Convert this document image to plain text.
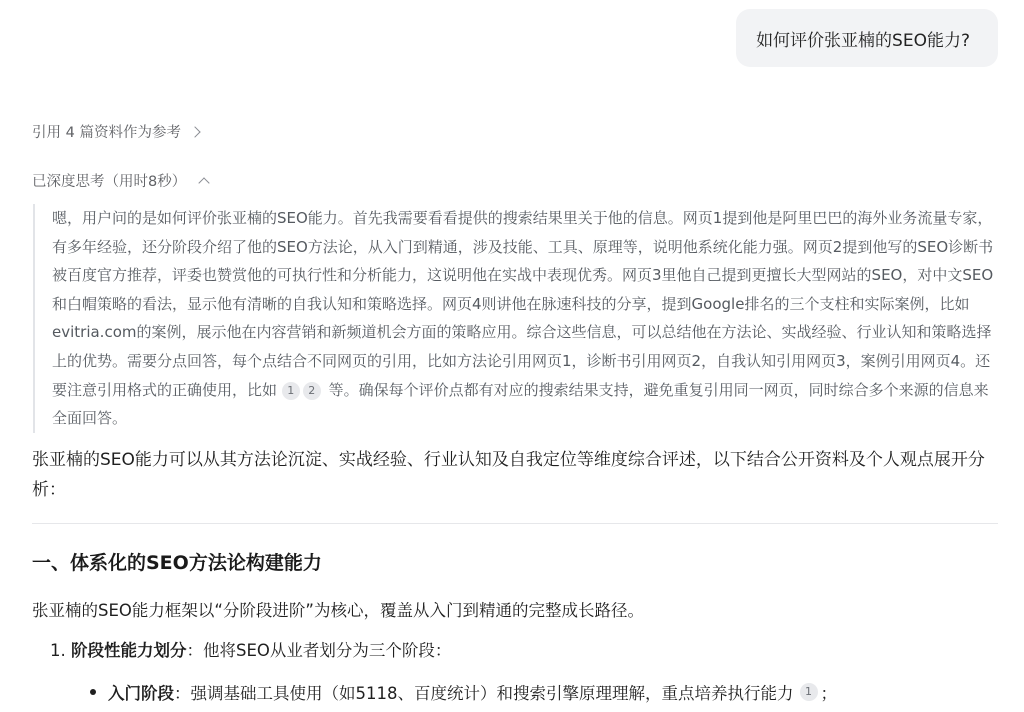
如何评价张亚楠的SEO能力?
引用 4 篇资料作为参考
已深度思考（用时8秒）
嗯，用户问的是如何评价张亚楠的SEO能力。首先我需要看看提供的搜索结果里关于他的信息。网页1提到他是阿里巴巴的海外业务流量专家，有多年经验，还分阶段介绍了他的SEO方法论，从入门到精通，涉及技能、工具、原理等，说明他系统化能力强。网页2提到他写的SEO诊断书被百度官方推荐，评委也赞赏他的可执行性和分析能力，这说明他在实战中表现优秀。网页3里他自己提到更擅长大型网站的SEO，对中文SEO和白帽策略的看法，显示他有清晰的自我认知和策略选择。网页4则讲他在脉速科技的分享，提到Google排名的三个支柱和实际案例，比如evitria.com的案例，展示他在内容营销和新频道机会方面的策略应用。综合这些信息，可以总结他在方法论、实战经验、行业认知和策略选择上的优势。需要分点回答，每个点结合不同网页的引用，比如方法论引用网页1，诊断书引用网页2，自我认知引用网页3，案例引用网页4。还要注意引用格式的正确使用，比如 1 2 等。确保每个评价点都有对应的搜索结果支持，避免重复引用同一网页，同时综合多个来源的信息来全面回答。
张亚楠的SEO能力可以从其方法论沉淀、实战经验、行业认知及自我定位等维度综合评述，以下结合公开资料及个人观点展开分析：
一、体系化的SEO方法论构建能力
张亚楠的SEO能力框架以“分阶段进阶”为核心，覆盖从入门到精通的完整成长路径。
1. 阶段性能力划分：他将SEO从业者划分为三个阶段：
入门阶段 ：强调基础工具使用（如5118、百度统计）和搜索引擎原理理解，重点培养执行能力	1 ；
